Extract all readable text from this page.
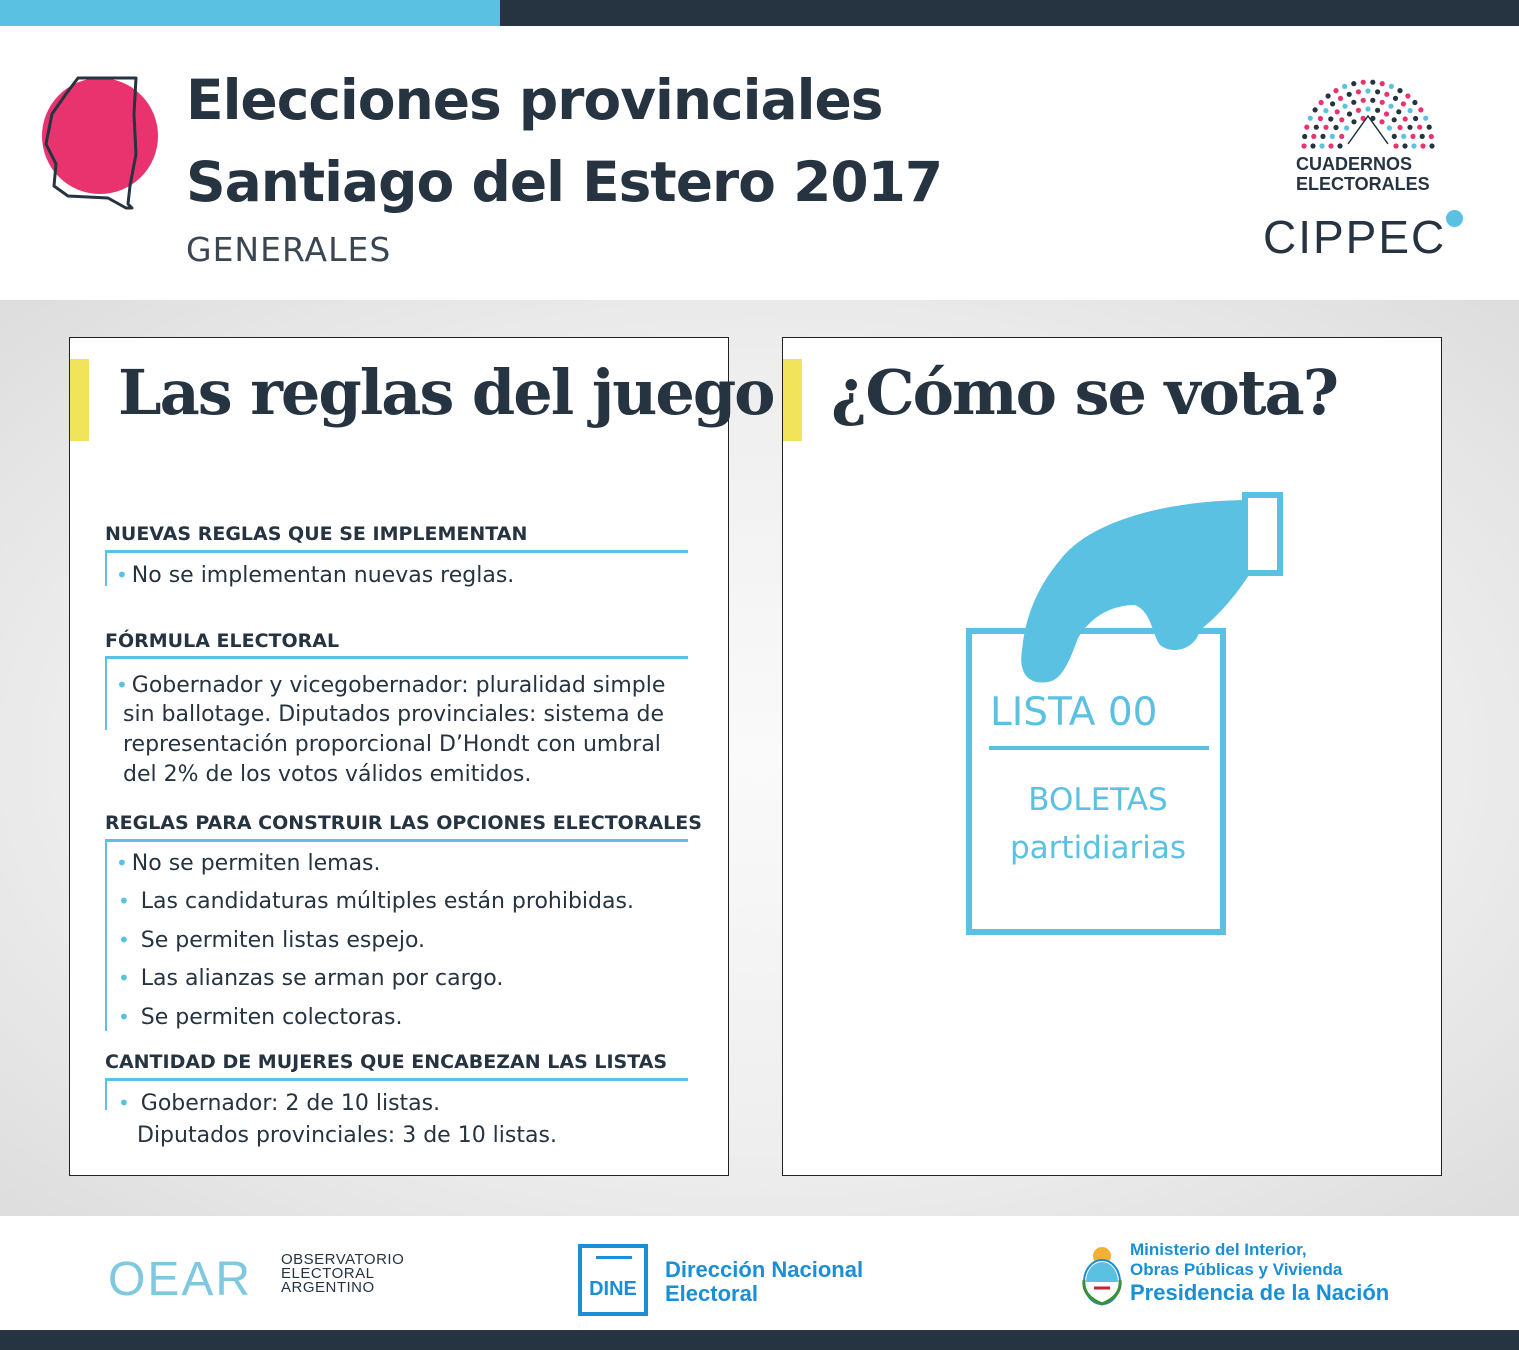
Elecciones provinciales
Santiago del Estero 2017
GENERALES
CUADERNOS
ELECTORALES
CIPPEC
Las reglas del juego
NUEVAS REGLAS QUE SE IMPLEMENTAN
• No se implementan nuevas reglas.
FÓRMULA ELECTORAL
• Gobernador y vicegobernador: pluralidad simple
sin ballotage. Diputados provinciales: sistema de
representación proporcional D’Hondt con umbral
del 2% de los votos válidos emitidos.
REGLAS PARA CONSTRUIR LAS OPCIONES ELECTORALES
• No se permiten lemas.
• Las candidaturas múltiples están prohibidas.
• Se permiten listas espejo.
• Las alianzas se arman por cargo.
• Se permiten colectoras.
CANTIDAD DE MUJERES QUE ENCABEZAN LAS LISTAS
• Gobernador: 2 de 10 listas.
Diputados provinciales: 3 de 10 listas.
¿Cómo se vota?
LISTA 00
BOLETAS
partidiarias
OEAR OBSERVATORIO
ELECTORAL
ARGENTINO	DINE
Dirección Nacional
Electoral
Ministerio del Interior,
Obras Públicas y Vivienda
Presidencia de la Nación
